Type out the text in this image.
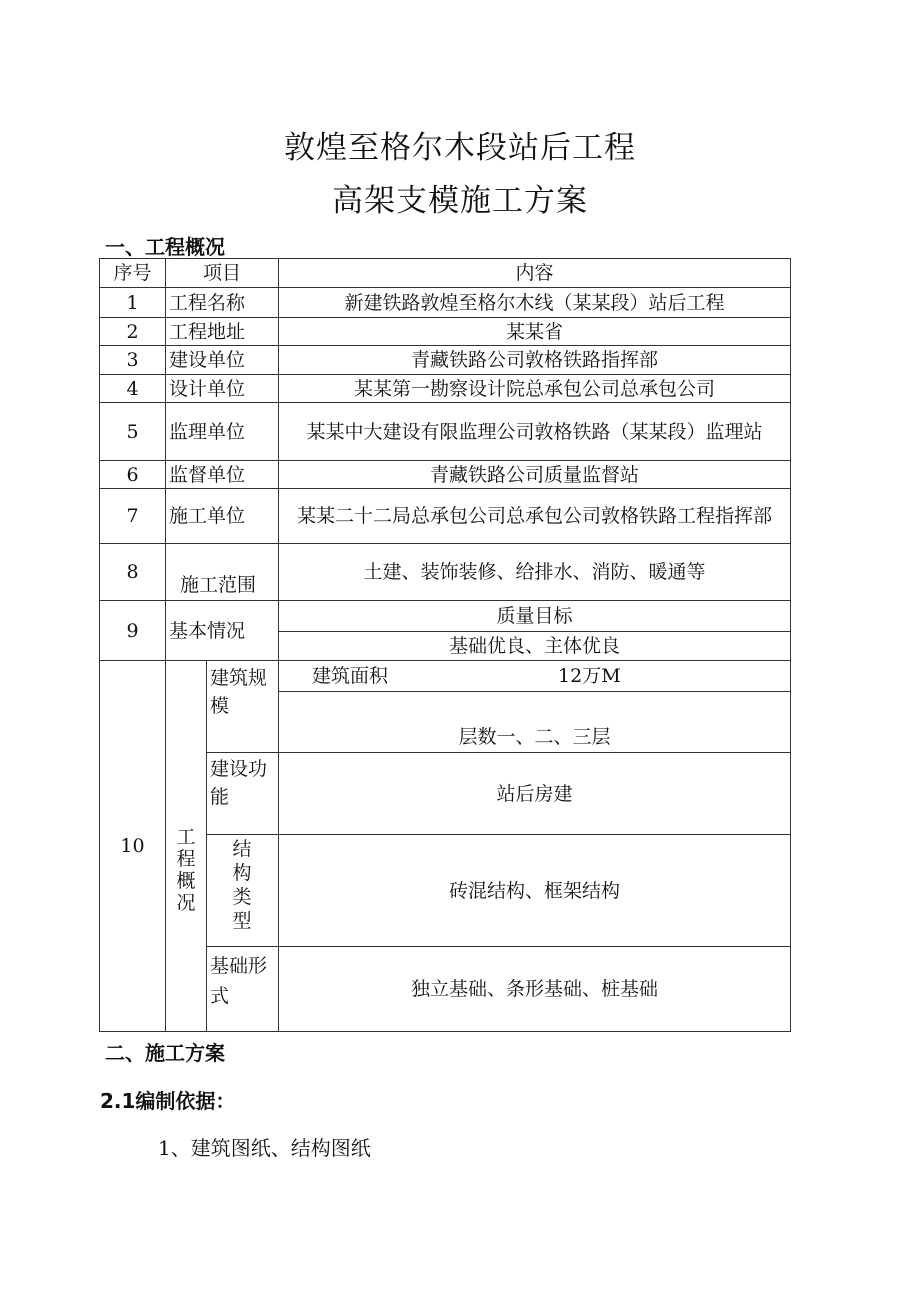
敦煌至格尔木段站后工程
高架支模施工方案
一、工程概况
序号	项目		内容
1	工程名称		新建铁路敦煌至格尔木线（某某段）站后工程
2	工程地址		某某省
3	建设单位		青藏铁路公司敦格铁路指挥部
4	设计单位		某某第一勘察设计院总承包公司总承包公司
5	监理单位		某某中大建设有限监理公司敦格铁路（某某段）监理站
6	监督单位		青藏铁路公司质量监督站
7	施工单位		某某二十二局总承包公司总承包公司敦格铁路工程指挥部
8	施工范围		土建、装饰装修、给排水、消防、暖通等
9	基本情况		质量目标
			基础优良、主体优良
10	工程概况	建筑规模	建筑面积 12万M

			层数一、二、三层
		建设功能	站后房建
		结构类型	砖混结构、框架结构
		基础形式	独立基础、条形基础、桩基础
二、施工方案
2.1编制依据：
1、建筑图纸、结构图纸
